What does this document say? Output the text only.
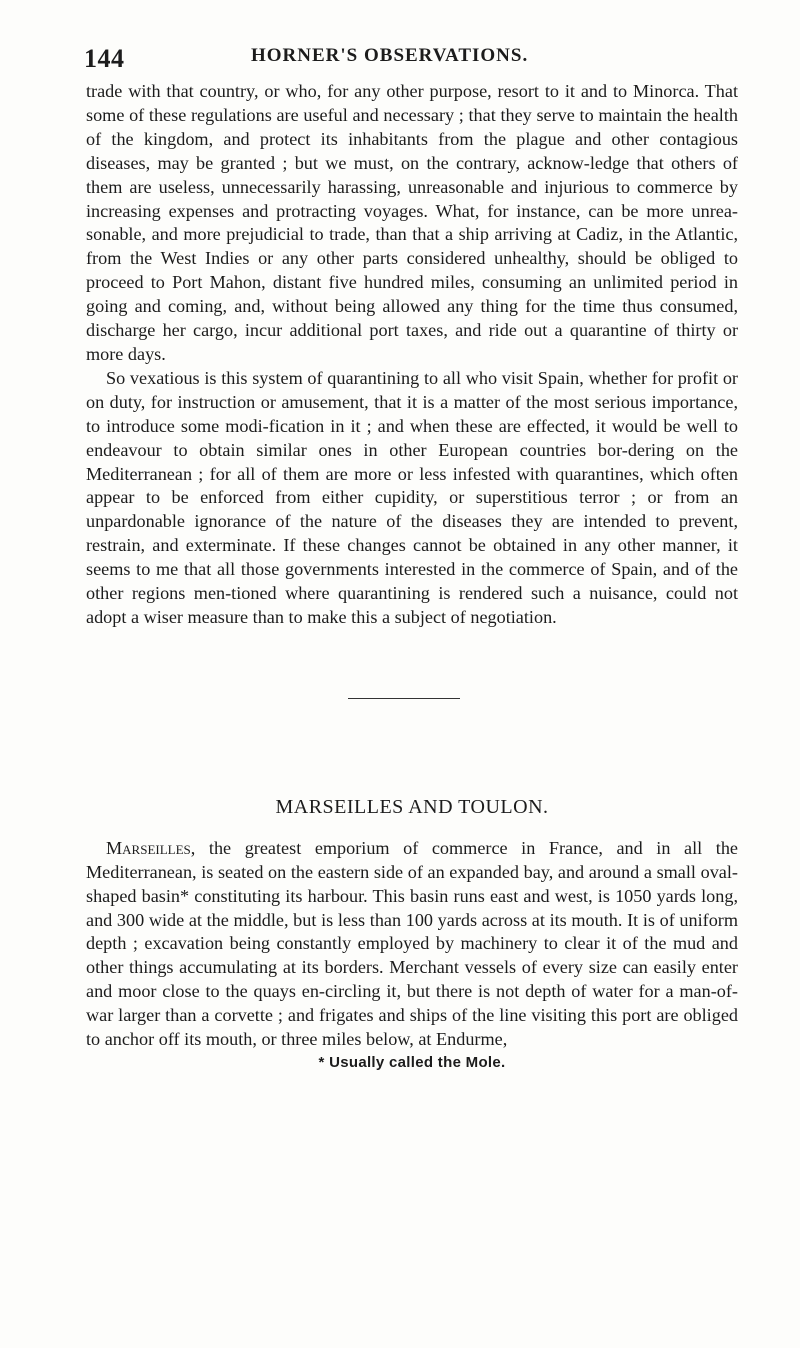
144	HORNER'S OBSERVATIONS.

trade with that country, or who, for any other purpose, resort to it and to Minorca. That some of these regulations are useful and necessary ; that they serve to maintain the health of the kingdom, and protect its inhabitants from the plague and other contagious diseases, may be granted ; but we must, on the contrary, acknow-ledge that others of them are useless, unnecessarily harassing, unreasonable and injurious to commerce by increasing expenses and protracting voyages. What, for instance, can be more unrea-sonable, and more prejudicial to trade, than that a ship arriving at Cadiz, in the Atlantic, from the West Indies or any other parts considered unhealthy, should be obliged to proceed to Port Mahon, distant five hundred miles, consuming an unlimited period in going and coming, and, without being allowed any thing for the time thus consumed, discharge her cargo, incur additional port taxes, and ride out a quarantine of thirty or more days.

So vexatious is this system of quarantining to all who visit Spain, whether for profit or on duty, for instruction or amusement, that it is a matter of the most serious importance, to introduce some modi-fication in it ; and when these are effected, it would be well to endeavour to obtain similar ones in other European countries bor-dering on the Mediterranean ; for all of them are more or less infested with quarantines, which often appear to be enforced from either cupidity, or superstitious terror ; or from an unpardonable ignorance of the nature of the diseases they are intended to prevent, restrain, and exterminate. If these changes cannot be obtained in any other manner, it seems to me that all those governments interested in the commerce of Spain, and of the other regions men-tioned where quarantining is rendered such a nuisance, could not adopt a wiser measure than to make this a subject of negotiation.

MARSEILLES AND TOULON.

Marseilles, the greatest emporium of commerce in France, and in all the Mediterranean, is seated on the eastern side of an expanded bay, and around a small oval-shaped basin* constituting its harbour. This basin runs east and west, is 1050 yards long, and 300 wide at the middle, but is less than 100 yards across at its mouth. It is of uniform depth ; excavation being constantly employed by machinery to clear it of the mud and other things accumulating at its borders. Merchant vessels of every size can easily enter and moor close to the quays en-circling it, but there is not depth of water for a man-of-war larger than a corvette ; and frigates and ships of the line visiting this port are obliged to anchor off its mouth, or three miles below, at Endurme,

* Usually called the Mole.
